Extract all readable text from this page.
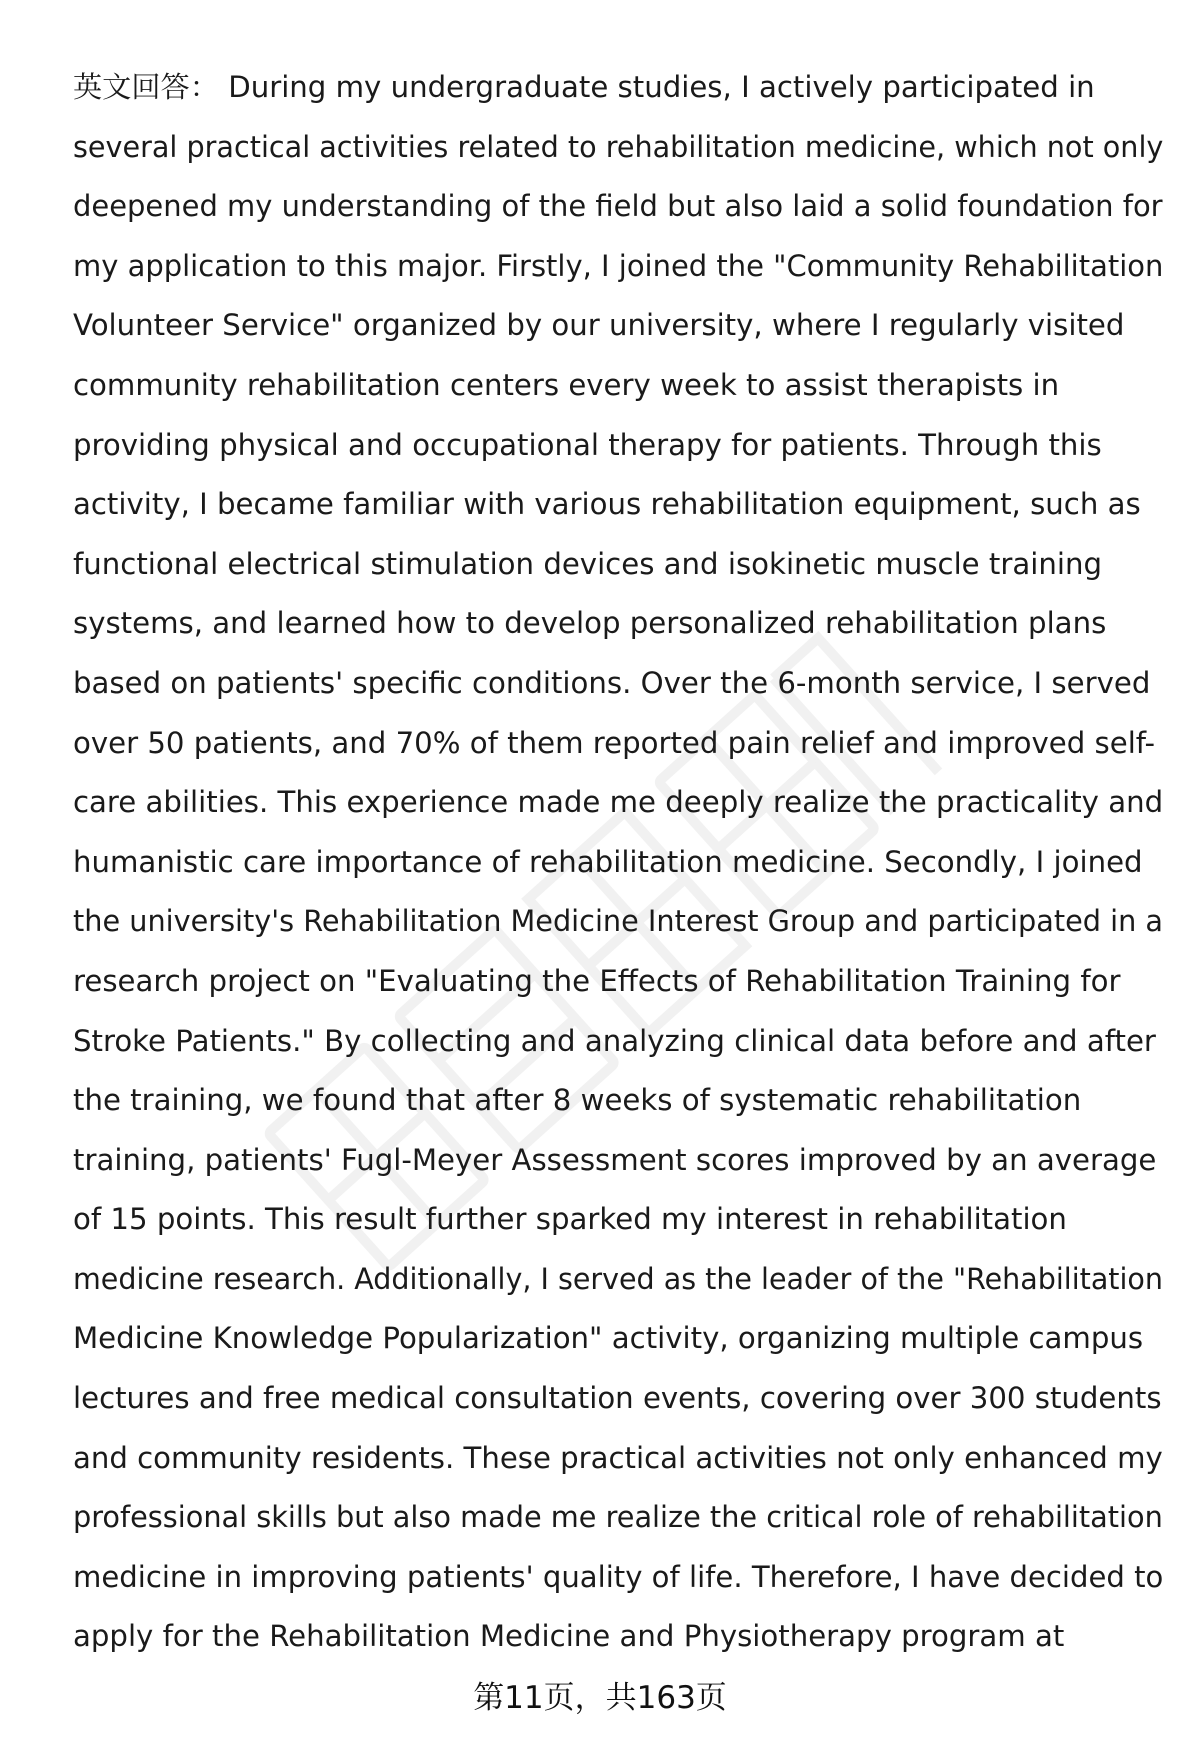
英文回答： During my undergraduate studies, I actively participated in
several practical activities related to rehabilitation medicine, which not only
deepened my understanding of the field but also laid a solid foundation for
my application to this major. Firstly, I joined the "Community Rehabilitation
Volunteer Service" organized by our university, where I regularly visited
community rehabilitation centers every week to assist therapists in
providing physical and occupational therapy for patients. Through this
activity, I became familiar with various rehabilitation equipment, such as
functional electrical stimulation devices and isokinetic muscle training
systems, and learned how to develop personalized rehabilitation plans
based on patients' specific conditions. Over the 6-month service, I served
over 50 patients, and 70% of them reported pain relief and improved self-
care abilities. This experience made me deeply realize the practicality and
humanistic care importance of rehabilitation medicine. Secondly, I joined
the university's Rehabilitation Medicine Interest Group and participated in a
research project on "Evaluating the Effects of Rehabilitation Training for
Stroke Patients." By collecting and analyzing clinical data before and after
the training, we found that after 8 weeks of systematic rehabilitation
training, patients' Fugl-Meyer Assessment scores improved by an average
of 15 points. This result further sparked my interest in rehabilitation
medicine research. Additionally, I served as the leader of the "Rehabilitation
Medicine Knowledge Popularization" activity, organizing multiple campus
lectures and free medical consultation events, covering over 300 students
and community residents. These practical activities not only enhanced my
professional skills but also made me realize the critical role of rehabilitation
medicine in improving patients' quality of life. Therefore, I have decided to
apply for the Rehabilitation Medicine and Physiotherapy program at
第11页，共163页
